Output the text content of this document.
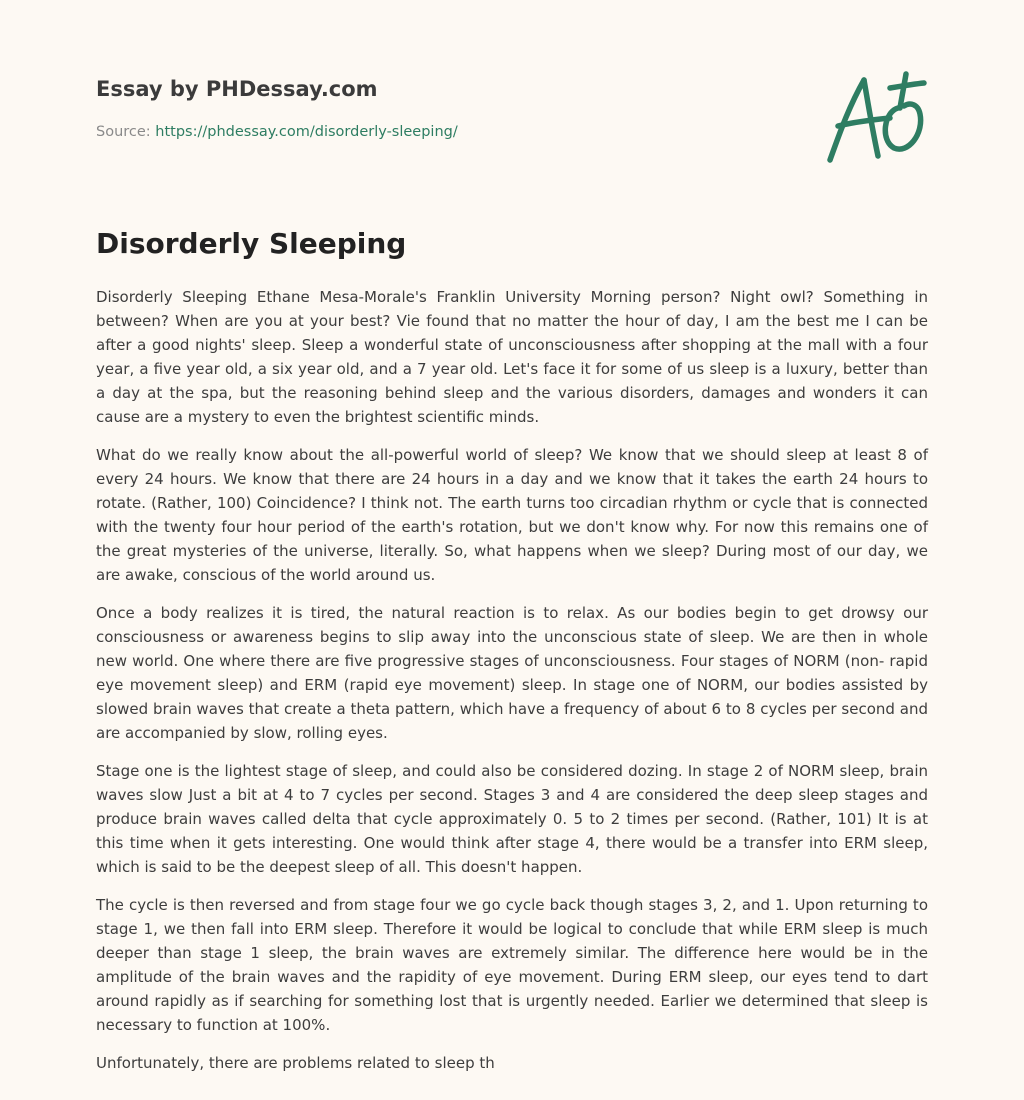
Essay by PHDessay.com
Source: https://phdessay.com/disorderly-sleeping/
Disorderly Sleeping

Disorderly Sleeping Ethane Mesa-Morale's Franklin University Morning person? Night owl? Something in between? When are you at your best? Vie found that no matter the hour of day, I am the best me I can be after a good nights' sleep. Sleep a wonderful state of unconsciousness after shopping at the mall with a four year, a five year old, a six year old, and a 7 year old. Let's face it for some of us sleep is a luxury, better than a day at the spa, but the reasoning behind sleep and the various disorders, damages and wonders it can cause are a mystery to even the brightest scientific minds.

What do we really know about the all-powerful world of sleep? We know that we should sleep at least 8 of every 24 hours. We know that there are 24 hours in a day and we know that it takes the earth 24 hours to rotate. (Rather, 100) Coincidence? I think not. The earth turns too circadian rhythm or cycle that is connected with the twenty four hour period of the earth's rotation, but we don't know why. For now this remains one of the great mysteries of the universe, literally. So, what happens when we sleep? During most of our day, we are awake, conscious of the world around us.

Once a body realizes it is tired, the natural reaction is to relax. As our bodies begin to get drowsy our consciousness or awareness begins to slip away into the unconscious state of sleep. We are then in whole new world. One where there are five progressive stages of unconsciousness. Four stages of NORM (non- rapid eye movement sleep) and ERM (rapid eye movement) sleep. In stage one of NORM, our bodies assisted by slowed brain waves that create a theta pattern, which have a frequency of about 6 to 8 cycles per second and are accompanied by slow, rolling eyes.

Stage one is the lightest stage of sleep, and could also be considered dozing. In stage 2 of NORM sleep, brain waves slow Just a bit at 4 to 7 cycles per second. Stages 3 and 4 are considered the deep sleep stages and produce brain waves called delta that cycle approximately 0. 5 to 2 times per second. (Rather, 101) It is at this time when it gets interesting. One would think after stage 4, there would be a transfer into ERM sleep, which is said to be the deepest sleep of all. This doesn't happen.

The cycle is then reversed and from stage four we go cycle back though stages 3, 2, and 1. Upon returning to stage 1, we then fall into ERM sleep. Therefore it would be logical to conclude that while ERM sleep is much deeper than stage 1 sleep, the brain waves are extremely similar. The difference here would be in the amplitude of the brain waves and the rapidity of eye movement. During ERM sleep, our eyes tend to dart around rapidly as if searching for something lost that is urgently needed. Earlier we determined that sleep is necessary to function at 100%.

Unfortunately, there are problems related to sleep th
